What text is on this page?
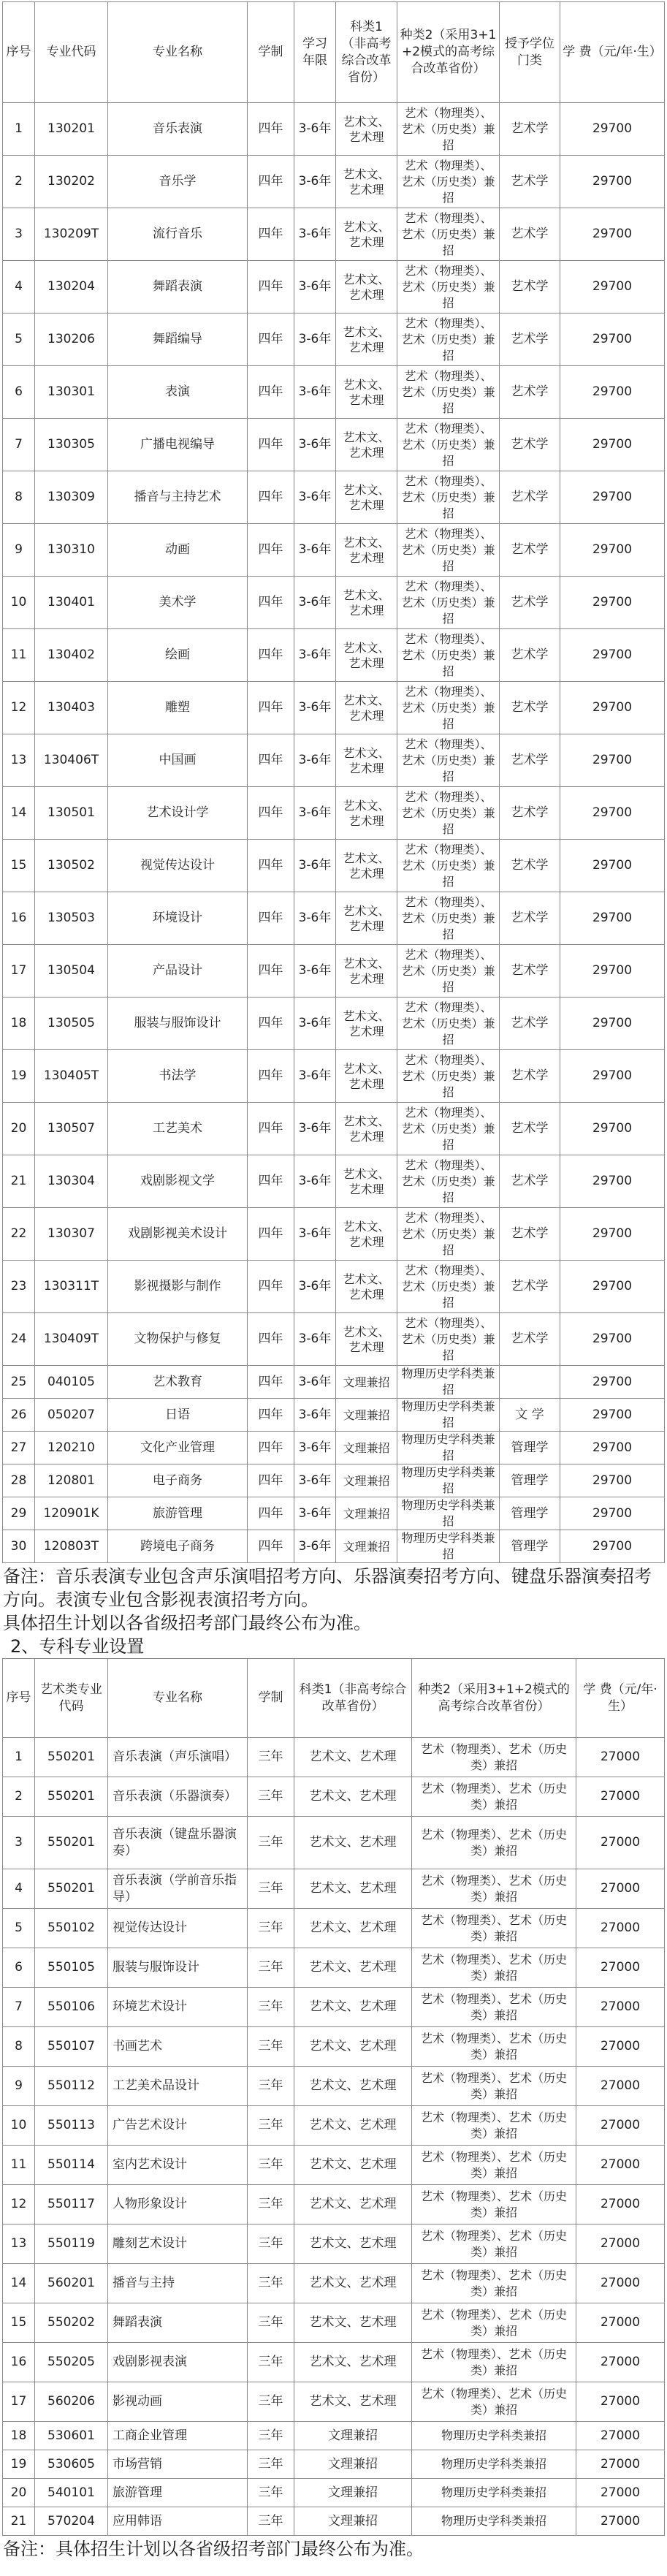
序号	专业代码	专业名称	学制	学习年限	科类1（非高考综合改革省份）	种类2（采用3+1+2模式的高考综合改革省份）	授予学位门类	学 费（元/年·生）
1	130201	音乐表演	四年	3-6年	艺术文、艺术理	艺术（物理类）、艺术（历史类）兼招	艺术学	29700
2	130202	音乐学	四年	3-6年	艺术文、艺术理	艺术（物理类）、艺术（历史类）兼招	艺术学	29700
3	130209T	流行音乐	四年	3-6年	艺术文、艺术理	艺术（物理类）、艺术（历史类）兼招	艺术学	29700
4	130204	舞蹈表演	四年	3-6年	艺术文、艺术理	艺术（物理类）、艺术（历史类）兼招	艺术学	29700
5	130206	舞蹈编导	四年	3-6年	艺术文、艺术理	艺术（物理类）、艺术（历史类）兼招	艺术学	29700
6	130301	表演	四年	3-6年	艺术文、艺术理	艺术（物理类）、艺术（历史类）兼招	艺术学	29700
7	130305	广播电视编导	四年	3-6年	艺术文、艺术理	艺术（物理类）、艺术（历史类）兼招	艺术学	29700
8	130309	播音与主持艺术	四年	3-6年	艺术文、艺术理	艺术（物理类）、艺术（历史类）兼招	艺术学	29700
9	130310	动画	四年	3-6年	艺术文、艺术理	艺术（物理类）、艺术（历史类）兼招	艺术学	29700
10	130401	美术学	四年	3-6年	艺术文、艺术理	艺术（物理类）、艺术（历史类）兼招	艺术学	29700
11	130402	绘画	四年	3-6年	艺术文、艺术理	艺术（物理类）、艺术（历史类）兼招	艺术学	29700
12	130403	雕塑	四年	3-6年	艺术文、艺术理	艺术（物理类）、艺术（历史类）兼招	艺术学	29700
13	130406T	中国画	四年	3-6年	艺术文、艺术理	艺术（物理类）、艺术（历史类）兼招	艺术学	29700
14	130501	艺术设计学	四年	3-6年	艺术文、艺术理	艺术（物理类）、艺术（历史类）兼招	艺术学	29700
15	130502	视觉传达设计	四年	3-6年	艺术文、艺术理	艺术（物理类）、艺术（历史类）兼招	艺术学	29700
16	130503	环境设计	四年	3-6年	艺术文、艺术理	艺术（物理类）、艺术（历史类）兼招	艺术学	29700
17	130504	产品设计	四年	3-6年	艺术文、艺术理	艺术（物理类）、艺术（历史类）兼招	艺术学	29700
18	130505	服装与服饰设计	四年	3-6年	艺术文、艺术理	艺术（物理类）、艺术（历史类）兼招	艺术学	29700
19	130405T	书法学	四年	3-6年	艺术文、艺术理	艺术（物理类）、艺术（历史类）兼招	艺术学	29700
20	130507	工艺美术	四年	3-6年	艺术文、艺术理	艺术（物理类）、艺术（历史类）兼招	艺术学	29700
21	130304	戏剧影视文学	四年	3-6年	艺术文、艺术理	艺术（物理类）、艺术（历史类）兼招	艺术学	29700
22	130307	戏剧影视美术设计	四年	3-6年	艺术文、艺术理	艺术（物理类）、艺术（历史类）兼招	艺术学	29700
23	130311T	影视摄影与制作	四年	3-6年	艺术文、艺术理	艺术（物理类）、艺术（历史类）兼招	艺术学	29700
24	130409T	文物保护与修复	四年	3-6年	艺术文、艺术理	艺术（物理类）、艺术（历史类）兼招	艺术学	29700
25	040105	艺术教育	四年	3-6年	文理兼招	物理历史学科类兼招		29700
26	050207	日语	四年	3-6年	文理兼招	物理历史学科类兼招	文 学	29700
27	120210	文化产业管理	四年	3-6年	文理兼招	物理历史学科类兼招	管理学	29700
28	120801	电子商务	四年	3-6年	文理兼招	物理历史学科类兼招	管理学	29700
29	120901K	旅游管理	四年	3-6年	文理兼招	物理历史学科类兼招	管理学	29700
30	120803T	跨境电子商务	四年	3-6年	文理兼招	物理历史学科类兼招	管理学	29700
备注：音乐表演专业包含声乐演唱招考方向、乐器演奏招考方向、键盘乐器演奏招考方向。表演专业包含影视表演招考方向。
具体招生计划以各省级招考部门最终公布为准。
2、专科专业设置
序号	艺术类专业代码	专业名称	学制	科类1（非高考综合改革省份）	种类2（采用3+1+2模式的高考综合改革省份）	学 费（元/年·生）
1	550201	音乐表演（声乐演唱）	三年	艺术文、艺术理	艺术（物理类）、艺术（历史类）兼招	27000
2	550201	音乐表演（乐器演奏）	三年	艺术文、艺术理	艺术（物理类）、艺术（历史类）兼招	27000
3	550201	音乐表演（键盘乐器演奏）	三年	艺术文、艺术理	艺术（物理类）、艺术（历史类）兼招	27000
4	550201	音乐表演（学前音乐指导）	三年	艺术文、艺术理	艺术（物理类）、艺术（历史类）兼招	27000
5	550102	视觉传达设计	三年	艺术文、艺术理	艺术（物理类）、艺术（历史类）兼招	27000
6	550105	服装与服饰设计	三年	艺术文、艺术理	艺术（物理类）、艺术（历史类）兼招	27000
7	550106	环境艺术设计	三年	艺术文、艺术理	艺术（物理类）、艺术（历史类）兼招	27000
8	550107	书画艺术	三年	艺术文、艺术理	艺术（物理类）、艺术（历史类）兼招	27000
9	550112	工艺美术品设计	三年	艺术文、艺术理	艺术（物理类）、艺术（历史类）兼招	27000
10	550113	广告艺术设计	三年	艺术文、艺术理	艺术（物理类）、艺术（历史类）兼招	27000
11	550114	室内艺术设计	三年	艺术文、艺术理	艺术（物理类）、艺术（历史类）兼招	27000
12	550117	人物形象设计	三年	艺术文、艺术理	艺术（物理类）、艺术（历史类）兼招	27000
13	550119	雕刻艺术设计	三年	艺术文、艺术理	艺术（物理类）、艺术（历史类）兼招	27000
14	560201	播音与主持	三年	艺术文、艺术理	艺术（物理类）、艺术（历史类）兼招	27000
15	550202	舞蹈表演	三年	艺术文、艺术理	艺术（物理类）、艺术（历史类）兼招	27000
16	550205	戏剧影视表演	三年	艺术文、艺术理	艺术（物理类）、艺术（历史类）兼招	27000
17	560206	影视动画	三年	艺术文、艺术理	艺术（物理类）、艺术（历史类）兼招	27000
18	530601	工商企业管理	三年	文理兼招	物理历史学科类兼招	27000
19	530605	市场营销	三年	文理兼招	物理历史学科类兼招	27000
20	540101	旅游管理	三年	文理兼招	物理历史学科类兼招	27000
21	570204	应用韩语	三年	文理兼招	物理历史学科类兼招	27000
备注：具体招生计划以各省级招考部门最终公布为准。
